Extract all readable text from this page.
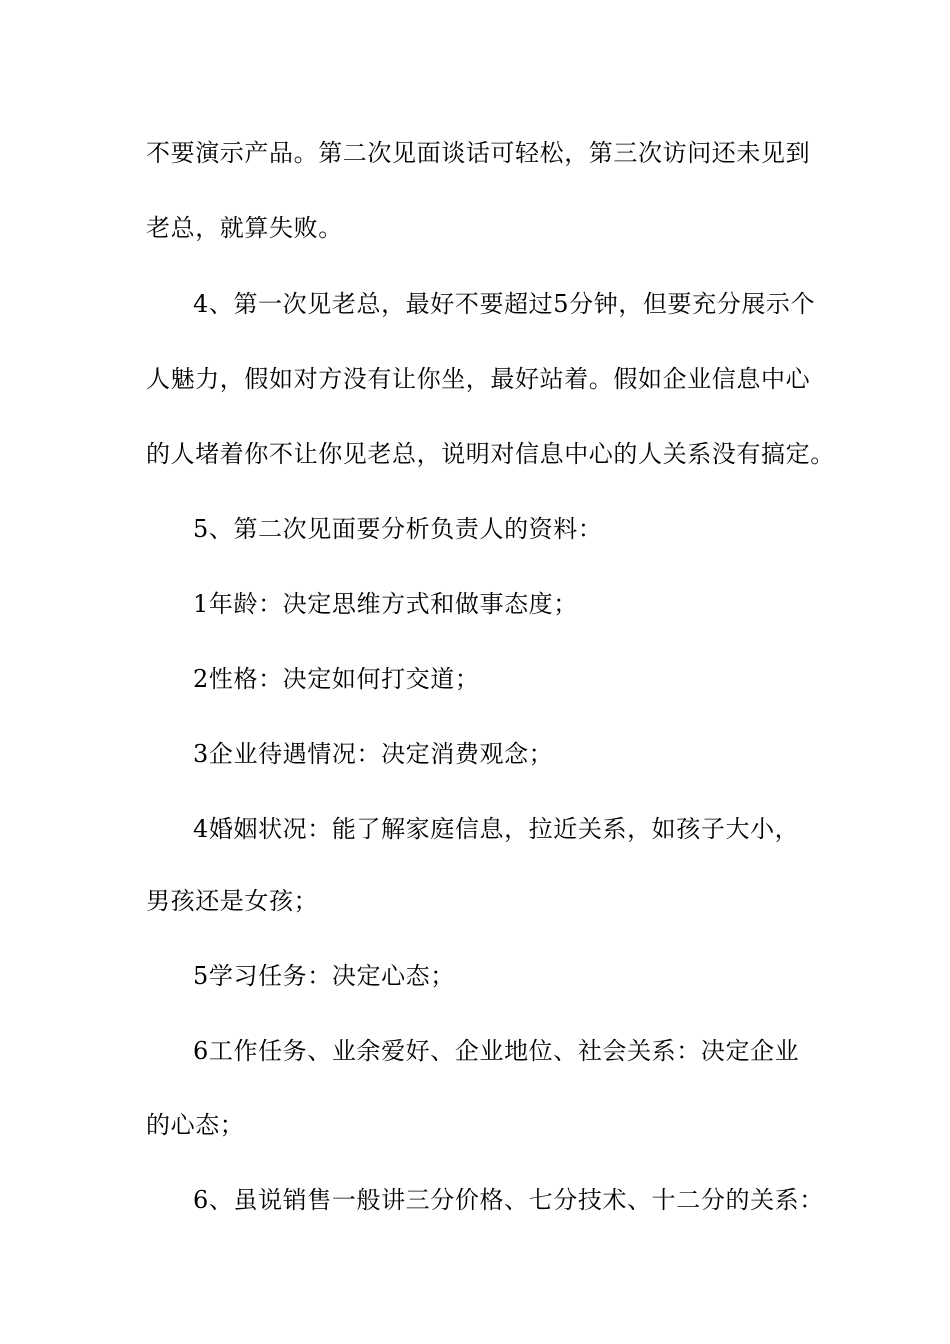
不要演示产品。第二次见面谈话可轻松，第三次访问还未见到
老总，就算失败。
4、第一次见老总，最好不要超过5分钟，但要充分展示个
人魅力，假如对方没有让你坐，最好站着。假如企业信息中心
的人堵着你不让你见老总，说明对信息中心的人关系没有搞定。
5、第二次见面要分析负责人的资料：
1年龄：决定思维方式和做事态度；
2性格：决定如何打交道；
3企业待遇情况：决定消费观念；
4婚姻状况：能了解家庭信息，拉近关系，如孩子大小，
男孩还是女孩；
5学习任务：决定心态；
6工作任务、业余爱好、企业地位、社会关系：决定企业
的心态；
6、虽说销售一般讲三分价格、七分技术、十二分的关系：
